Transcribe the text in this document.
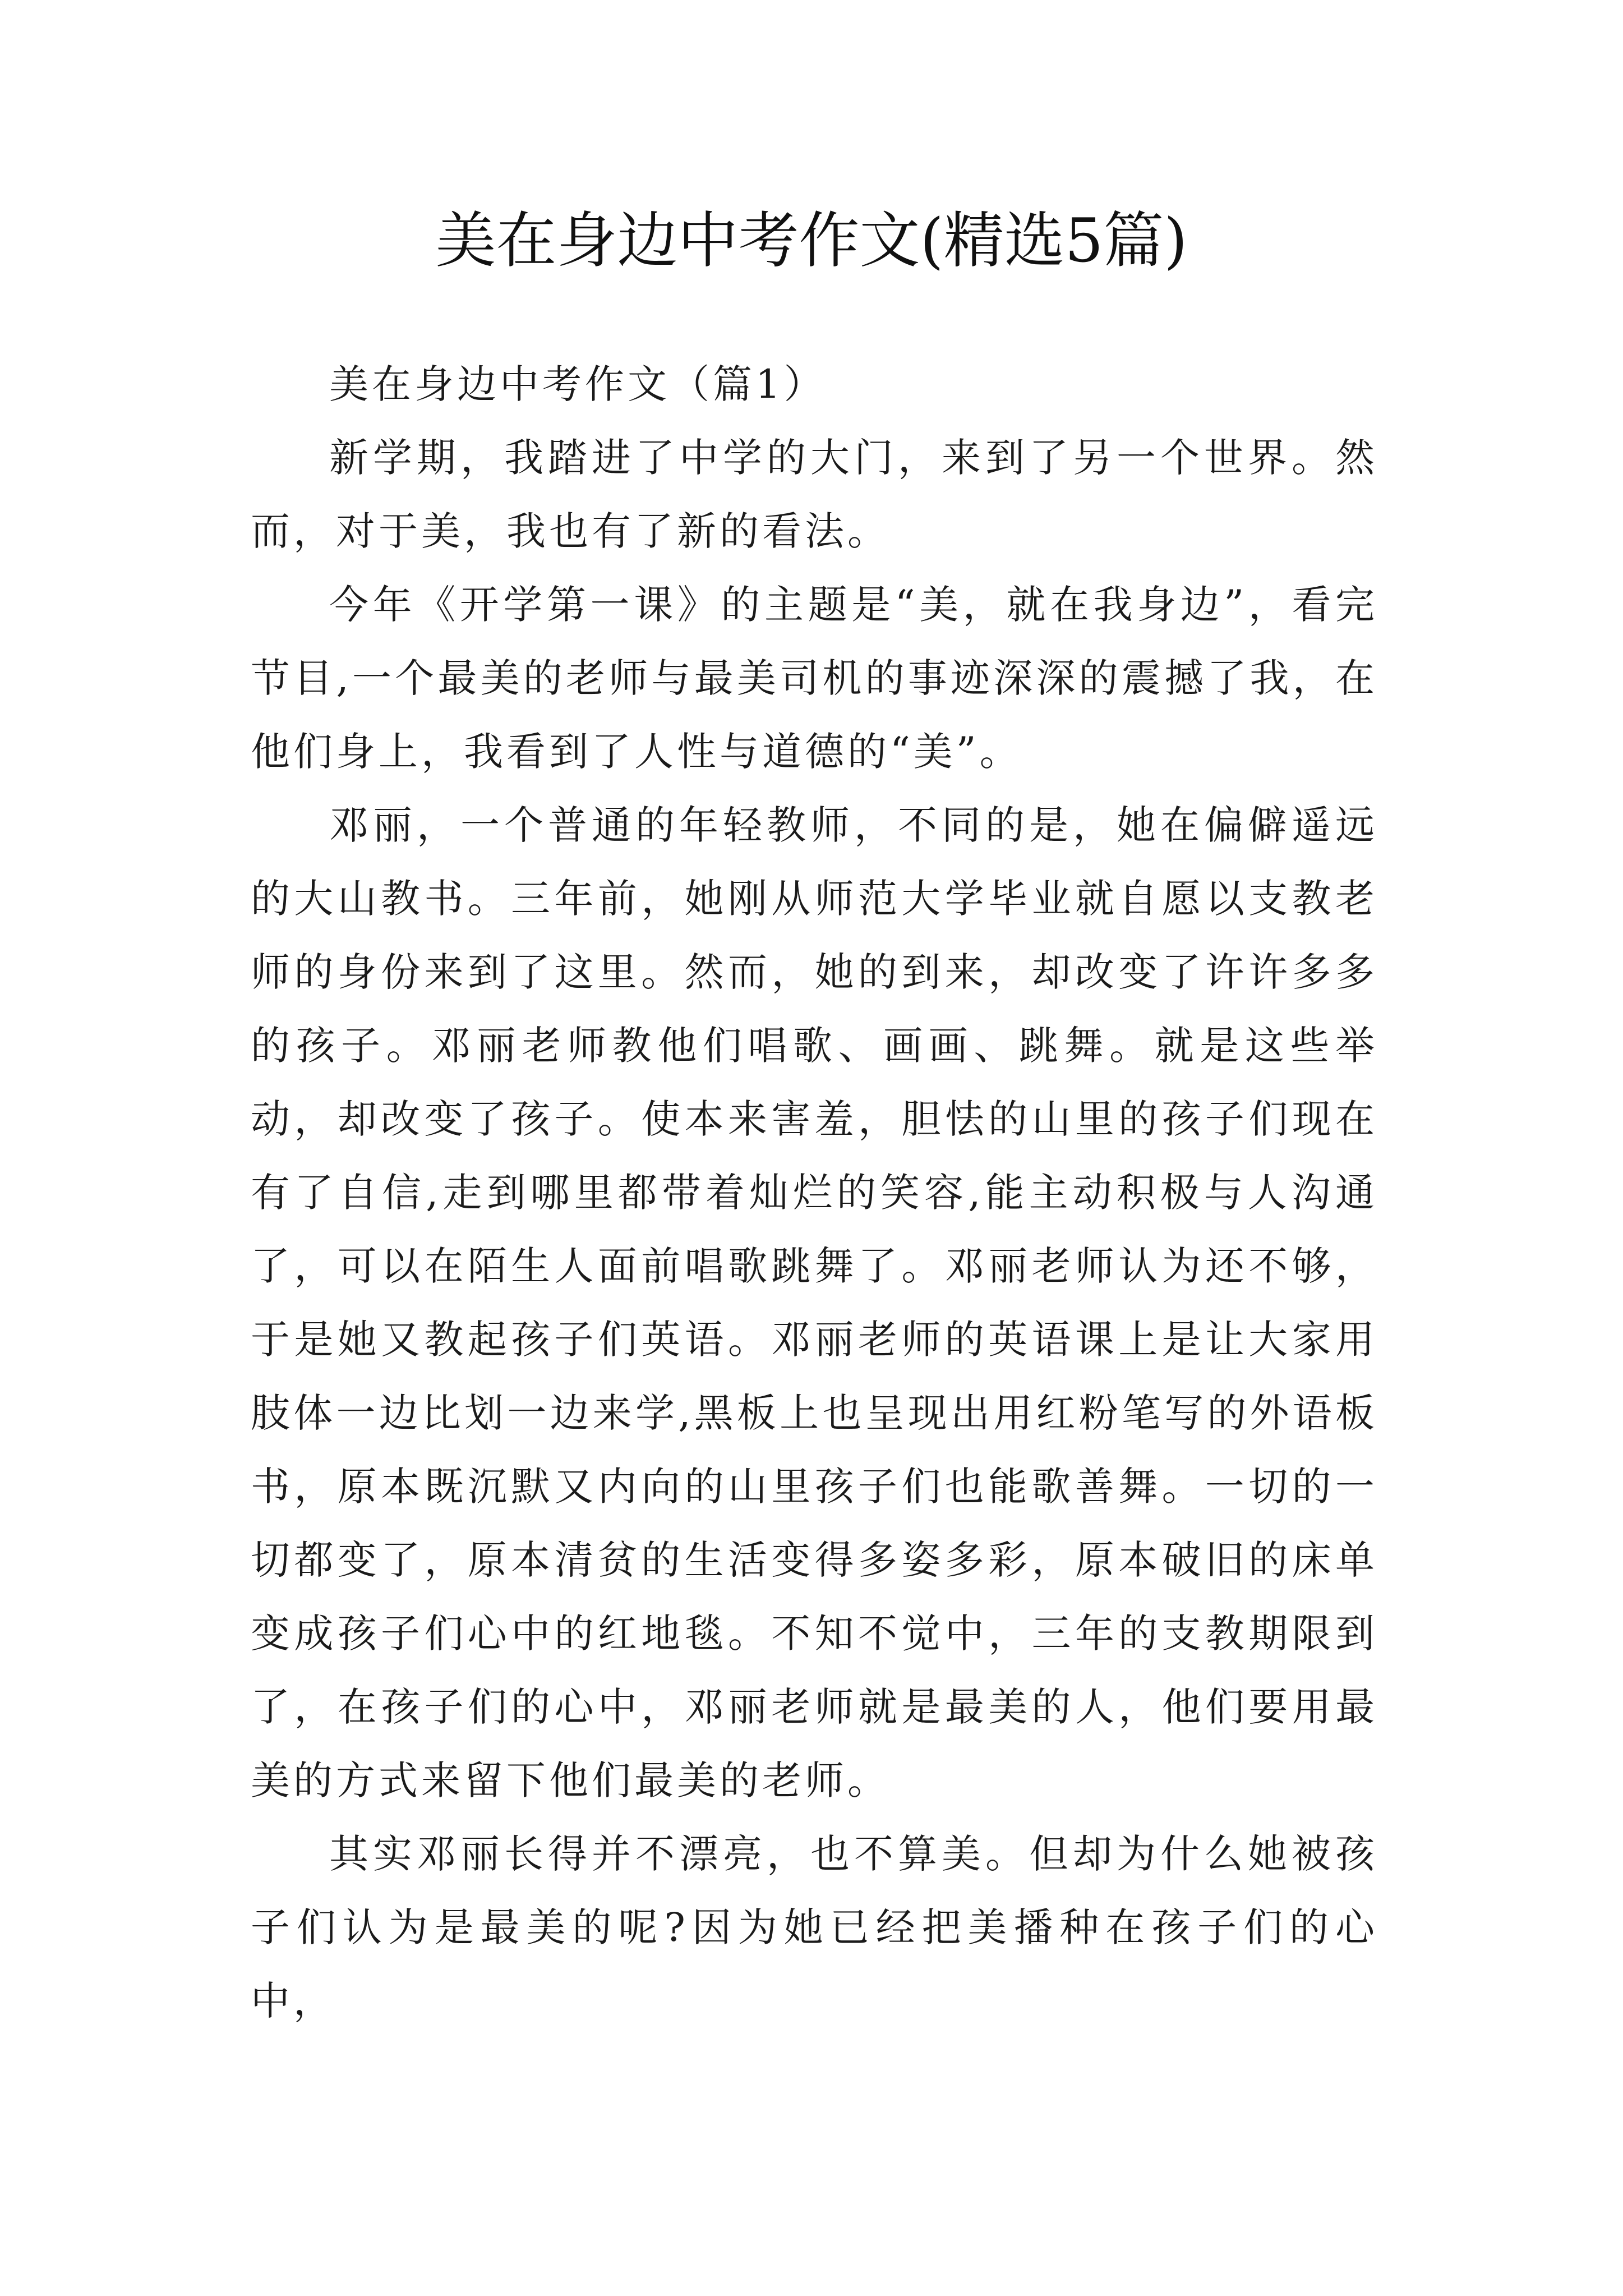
美在身边中考作文(精选5篇)

美在身边中考作文（篇1）

新学期，我踏进了中学的大门，来到了另一个世界。然而，对于美，我也有了新的看法。

今年《开学第一课》的主题是“美，就在我身边”，看完节目,一个最美的老师与最美司机的事迹深深的震撼了我，在他们身上，我看到了人性与道德的“美”。

邓丽，一个普通的年轻教师，不同的是，她在偏僻遥远的大山教书。三年前，她刚从师范大学毕业就自愿以支教老师的身份来到了这里。然而，她的到来，却改变了许许多多的孩子。邓丽老师教他们唱歌、画画、跳舞。就是这些举动，却改变了孩子。使本来害羞，胆怯的山里的孩子们现在有了自信,走到哪里都带着灿烂的笑容,能主动积极与人沟通了，可以在陌生人面前唱歌跳舞了。邓丽老师认为还不够，于是她又教起孩子们英语。邓丽老师的英语课上是让大家用肢体一边比划一边来学,黑板上也呈现出用红粉笔写的外语板书，原本既沉默又内向的山里孩子们也能歌善舞。一切的一切都变了，原本清贫的生活变得多姿多彩，原本破旧的床单变成孩子们心中的红地毯。不知不觉中，三年的支教期限到了，在孩子们的心中，邓丽老师就是最美的人，他们要用最美的方式来留下他们最美的老师。

其实邓丽长得并不漂亮，也不算美。但却为什么她被孩子们认为是最美的呢?因为她已经把美播种在孩子们的心中，
